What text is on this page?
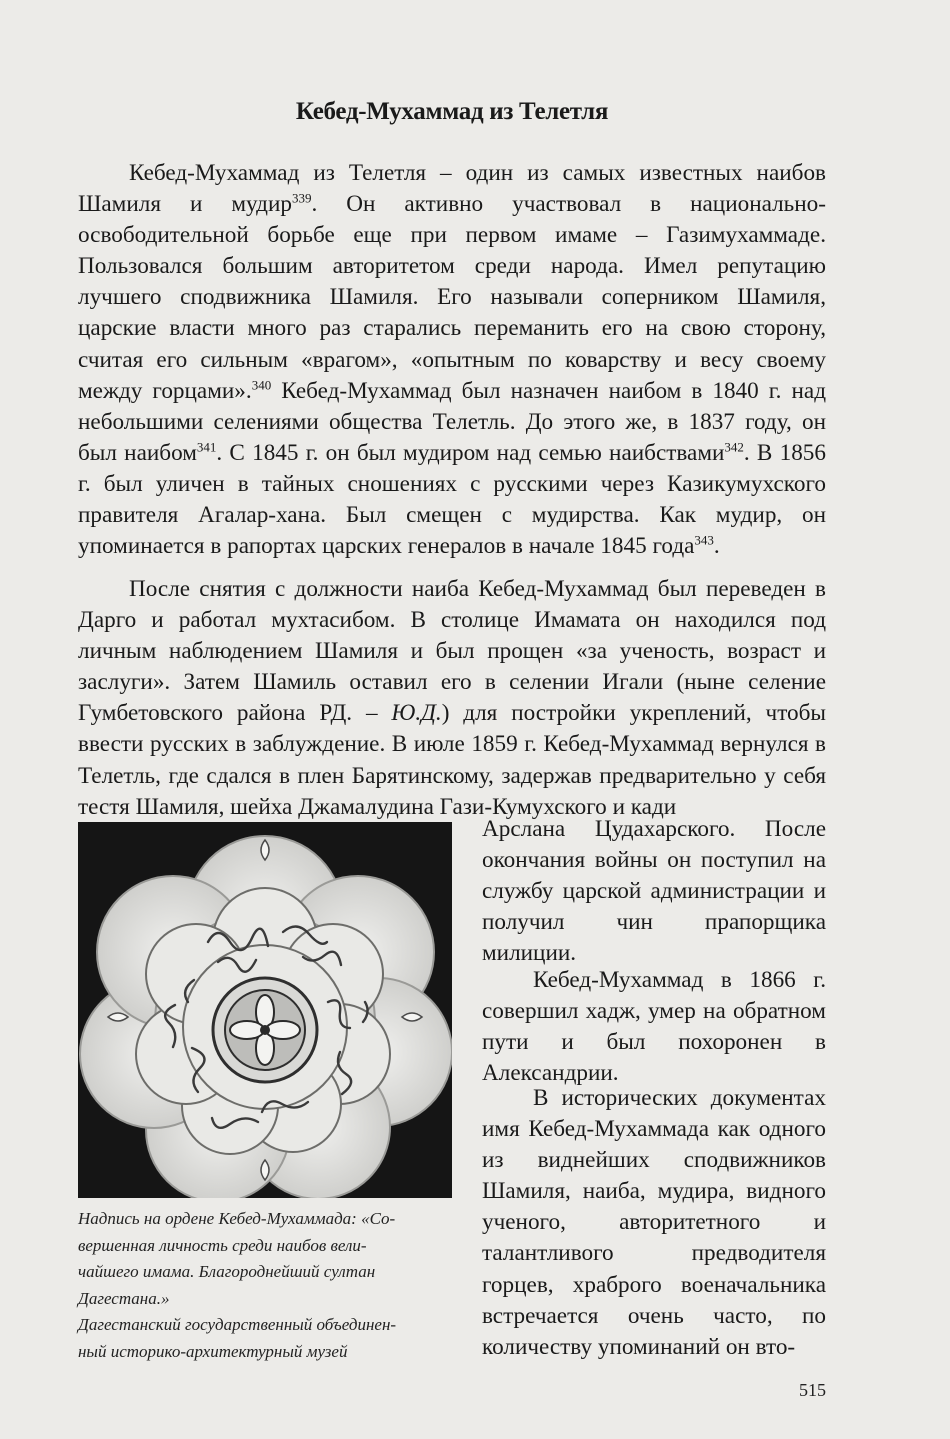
Кебед-Мухаммад из Телетля

Кебед-Мухаммад из Телетля – один из самых известных наибов Шамиля и мудир$^{339}$. Он активно участвовал в национально-освободительной борьбе еще при первом имаме – Газимухаммаде. Пользовался большим авторитетом среди народа. Имел репутацию лучшего сподвижника Шамиля. Его называли соперником Шамиля, царские власти много раз старались переманить его на свою сторону, считая его сильным «врагом», «опытным по коварству и весу своему между горцами».$^{340}$ Кебед-Мухаммад был назначен наибом в 1840 г. над небольшими селениями общества Телетль. До этого же, в 1837 году, он был наибом$^{341}$. С 1845 г. он был мудиром над семью наибствами$^{342}$. В 1856 г. был уличен в тайных сношениях с русскими через Казикумухского правителя Агалар-хана. Был смещен с мудирства. Как мудир, он упоминается в рапортах царских генералов в начале 1845 года$^{343}$.

После снятия с должности наиба Кебед-Мухаммад был переведен в Дарго и работал мухтасибом. В столице Имамата он находился под личным наблюдением Шамиля и был прощен «за ученость, возраст и заслуги». Затем Шамиль оставил его в селении Игали (ныне селение Гумбетовского района РД. – Ю.Д.) для постройки укреплений, чтобы ввести русских в заблуждение. В июле 1859 г. Кебед-Мухаммад вернулся в Телетль, где сдался в плен Барятинскому, задержав предварительно у себя тестя Шамиля, шейха Джамалудина Гази-Кумухского и кади

Арслана Цудахарского. После окончания войны он поступил на службу царской администрации и получил чин прапорщика милиции.

Кебед-Мухаммад в 1866 г. совершил хадж, умер на обратном пути и был похоронен в Александрии.

В исторических документах имя Кебед-Мухаммада как одного из виднейших сподвижников Шамиля, наиба, мудира, видного ученого, авторитетного и талантливого предводителя горцев, храброго военачальника встречается очень часто, по количеству упоминаний он вто-

Надпись на ордене Кебед-Мухаммада: «Со-
вершенная личность среди наибов вели-
чайшего имама. Благороднейший султан
Дагестана.»
Дагестанский государственный объединен-
ный историко-архитектурный музей
515
